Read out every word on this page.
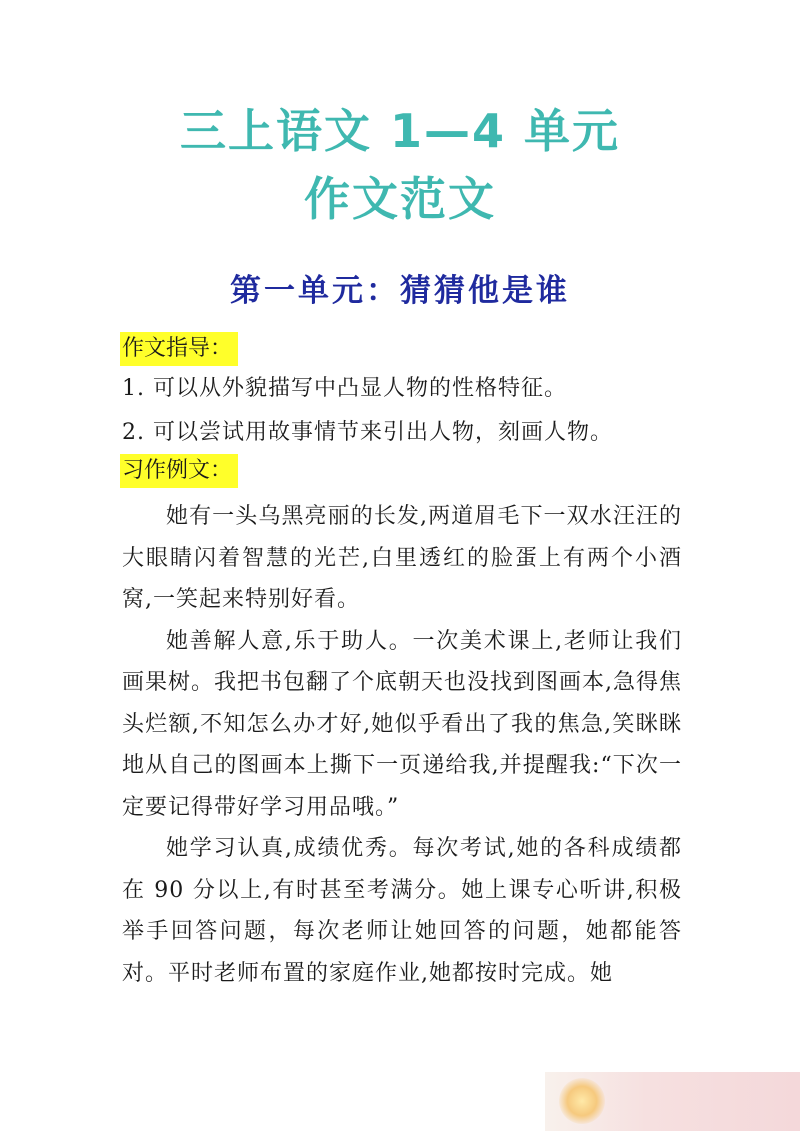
三上语文 1—4 单元
作文范文
第一单元：猜猜他是谁
作文指导：
1. 可以从外貌描写中凸显人物的性格特征。
2. 可以尝试用故事情节来引出人物，刻画人物。
习作例文：

她有一头乌黑亮丽的长发,两道眉毛下一双水汪汪的大眼睛闪着智慧的光芒,白里透红的脸蛋上有两个小酒窝,一笑起来特别好看。

她善解人意,乐于助人。一次美术课上,老师让我们画果树。我把书包翻了个底朝天也没找到图画本,急得焦头烂额,不知怎么办才好,她似乎看出了我的焦急,笑眯眯地从自己的图画本上撕下一页递给我,并提醒我:“下次一定要记得带好学习用品哦。”

她学习认真,成绩优秀。每次考试,她的各科成绩都在 90 分以上,有时甚至考满分。她上课专心听讲,积极举手回答问题，每次老师让她回答的问题，她都能答对。平时老师布置的家庭作业,她都按时完成。她
